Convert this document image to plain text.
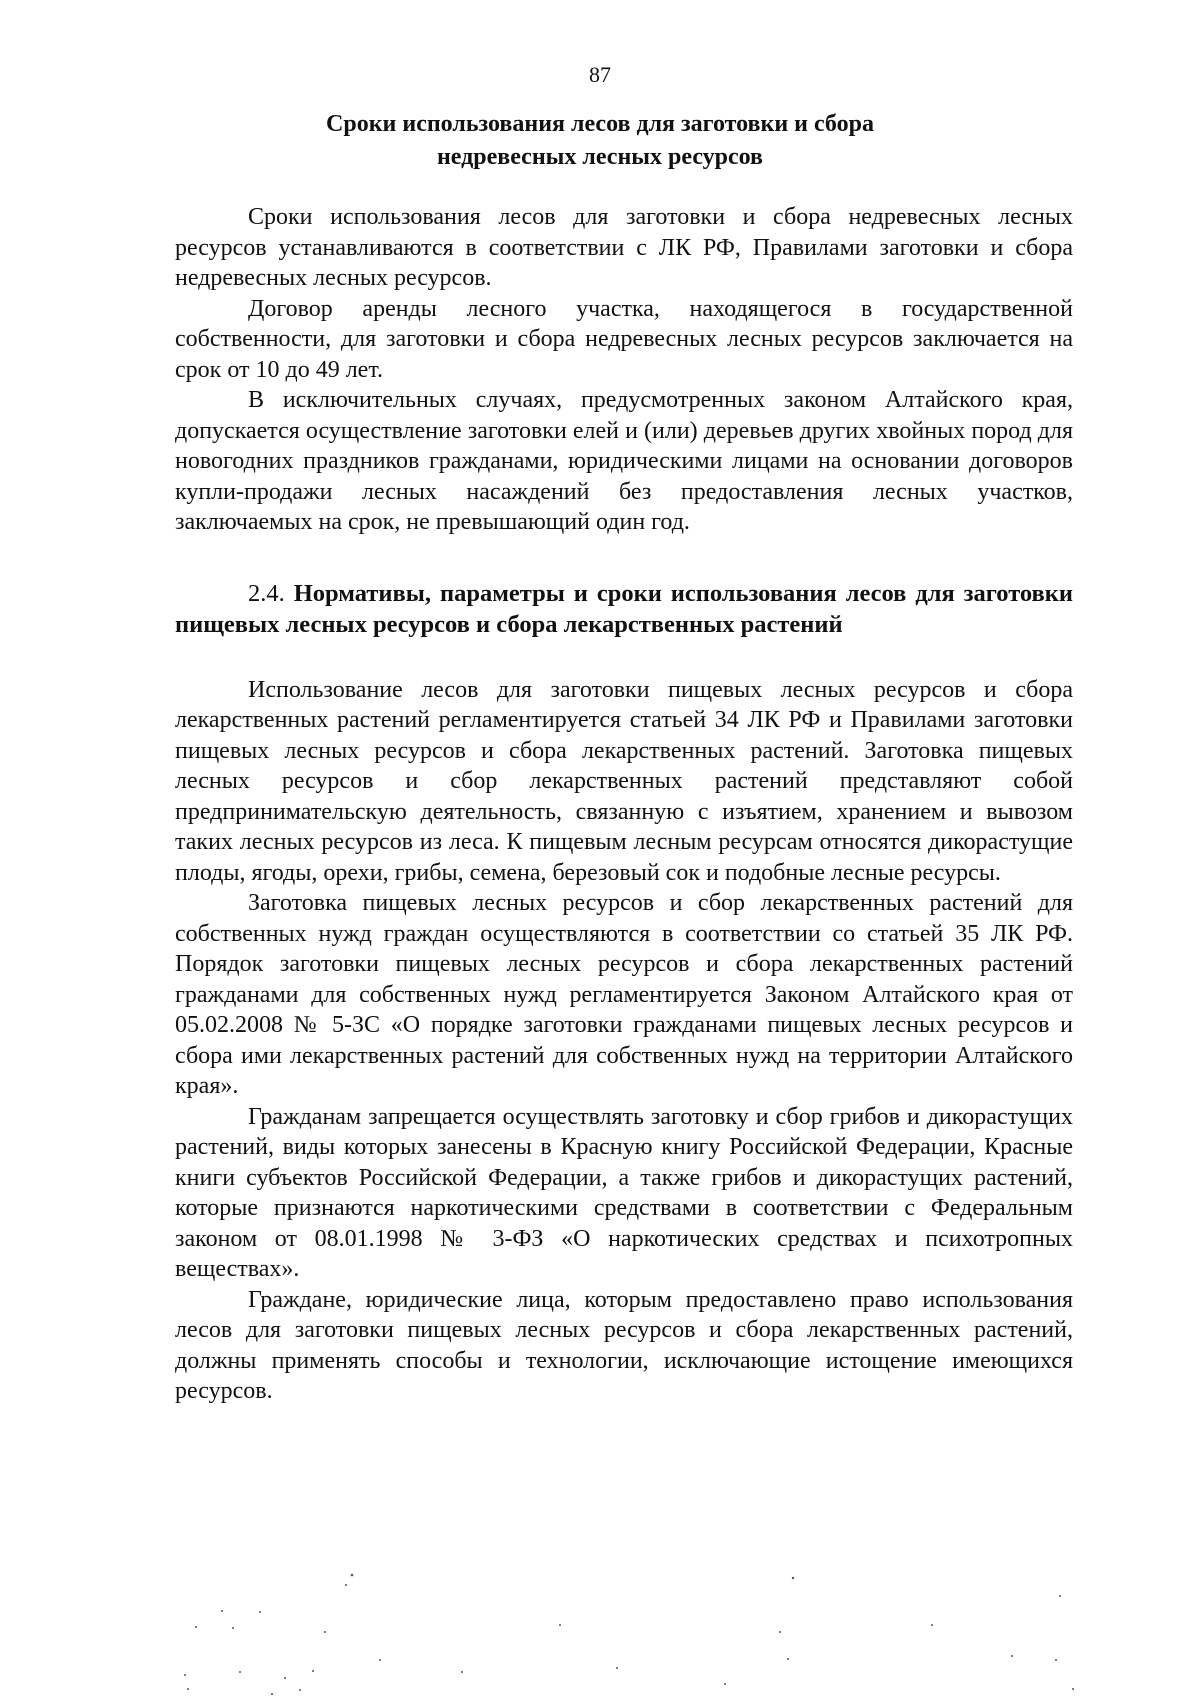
87
Сроки использования лесов для заготовки и сбора
недревесных лесных ресурсов

Сроки использования лесов для заготовки и сбора недревесных лесных ресурсов устанавливаются в соответствии с ЛК РФ, Правилами заготовки и сбора недревесных лесных ресурсов.

Договор аренды лесного участка, находящегося в государственной собственности, для заготовки и сбора недревесных лесных ресурсов заключается на срок от 10 до 49 лет.

В исключительных случаях, предусмотренных законом Алтайского края, допускается осуществление заготовки елей и (или) деревьев других хвойных пород для новогодних праздников гражданами, юридическими лицами на основании договоров купли-продажи лесных насаждений без предоставления лесных участков, заключаемых на срок, не превышающий один год.

2.4. Нормативы, параметры и сроки использования лесов для заготовки пищевых лесных ресурсов и сбора лекарственных растений

Использование лесов для заготовки пищевых лесных ресурсов и сбора лекарственных растений регламентируется статьей 34 ЛК РФ и Правилами заготовки пищевых лесных ресурсов и сбора лекарственных растений. Заготовка пищевых лесных ресурсов и сбор лекарственных растений представляют собой предпринимательскую деятельность, связанную с изъятием, хранением и вывозом таких лесных ресурсов из леса. К пищевым лесным ресурсам относятся дикорастущие плоды, ягоды, орехи, грибы, семена, березовый сок и подобные лесные ресурсы.

Заготовка пищевых лесных ресурсов и сбор лекарственных растений для собственных нужд граждан осуществляются в соответствии со статьей 35 ЛК РФ. Порядок заготовки пищевых лесных ресурсов и сбора лекарственных растений гражданами для собственных нужд регламентируется Законом Алтайского края от 05.02.2008 № 5-ЗС «О порядке заготовки гражданами пищевых лесных ресурсов и сбора ими лекарственных растений для собственных нужд на территории Алтайского края».

Гражданам запрещается осуществлять заготовку и сбор грибов и дикорастущих растений, виды которых занесены в Красную книгу Российской Федерации, Красные книги субъектов Российской Федерации, а также грибов и дикорастущих растений, которые признаются наркотическими средствами в соответствии с Федеральным законом от 08.01.1998 № 3-ФЗ «О наркотических средствах и психотропных веществах».

Граждане, юридические лица, которым предоставлено право использования лесов для заготовки пищевых лесных ресурсов и сбора лекарственных растений, должны применять способы и технологии, исключающие истощение имеющихся ресурсов.
